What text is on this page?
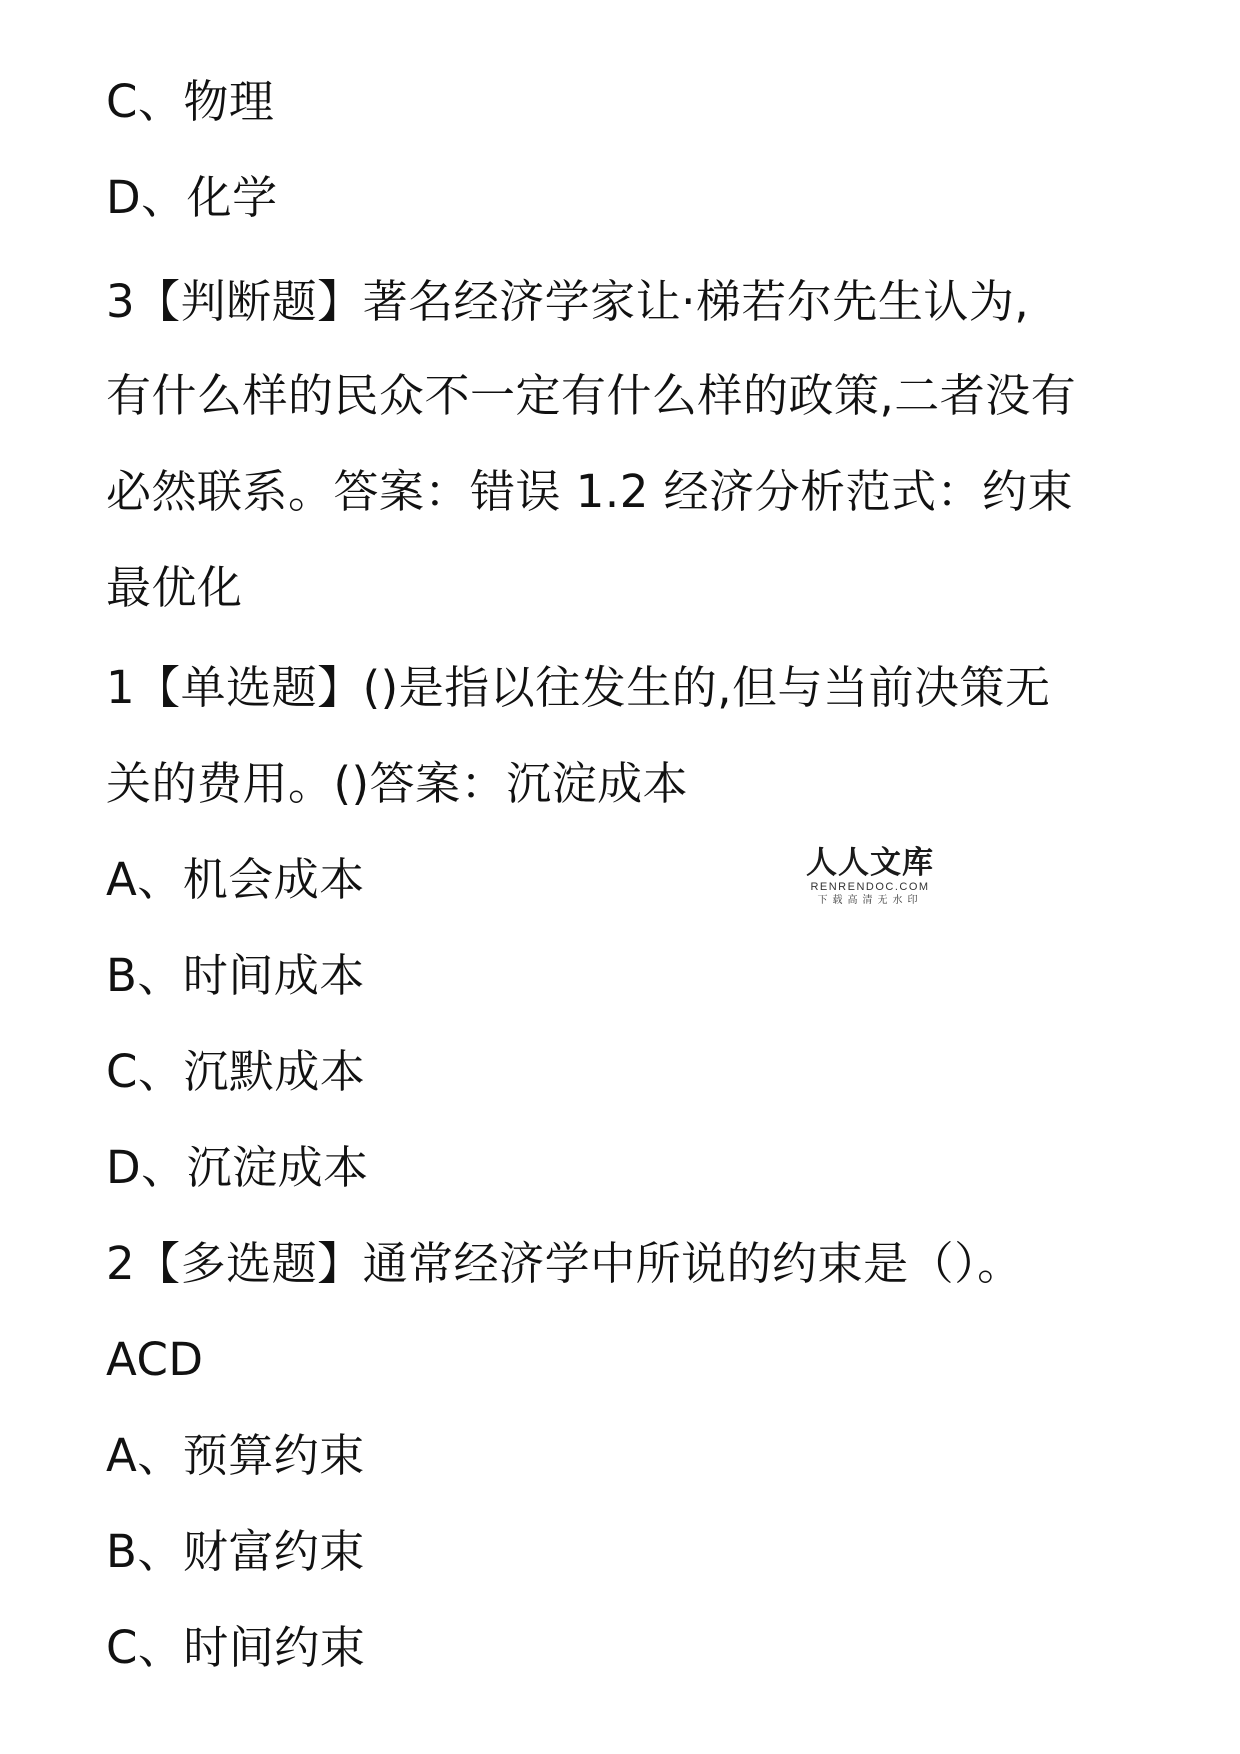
C、物理
D、化学
3【判断题】著名经济学家让·梯若尔先生认为,
有什么样的民众不一定有什么样的政策,二者没有
必然联系。答案：错误 1.2 经济分析范式：约束
最优化
1【单选题】()是指以往发生的,但与当前决策无
关的费用。()答案：沉淀成本
A、机会成本
B、时间成本
C、沉默成本
D、沉淀成本
2【多选题】通常经济学中所说的约束是（）。
ACD
A、预算约束
B、财富约束
C、时间约束
人人文库
RENRENDOC.COM
下载高清无水印
